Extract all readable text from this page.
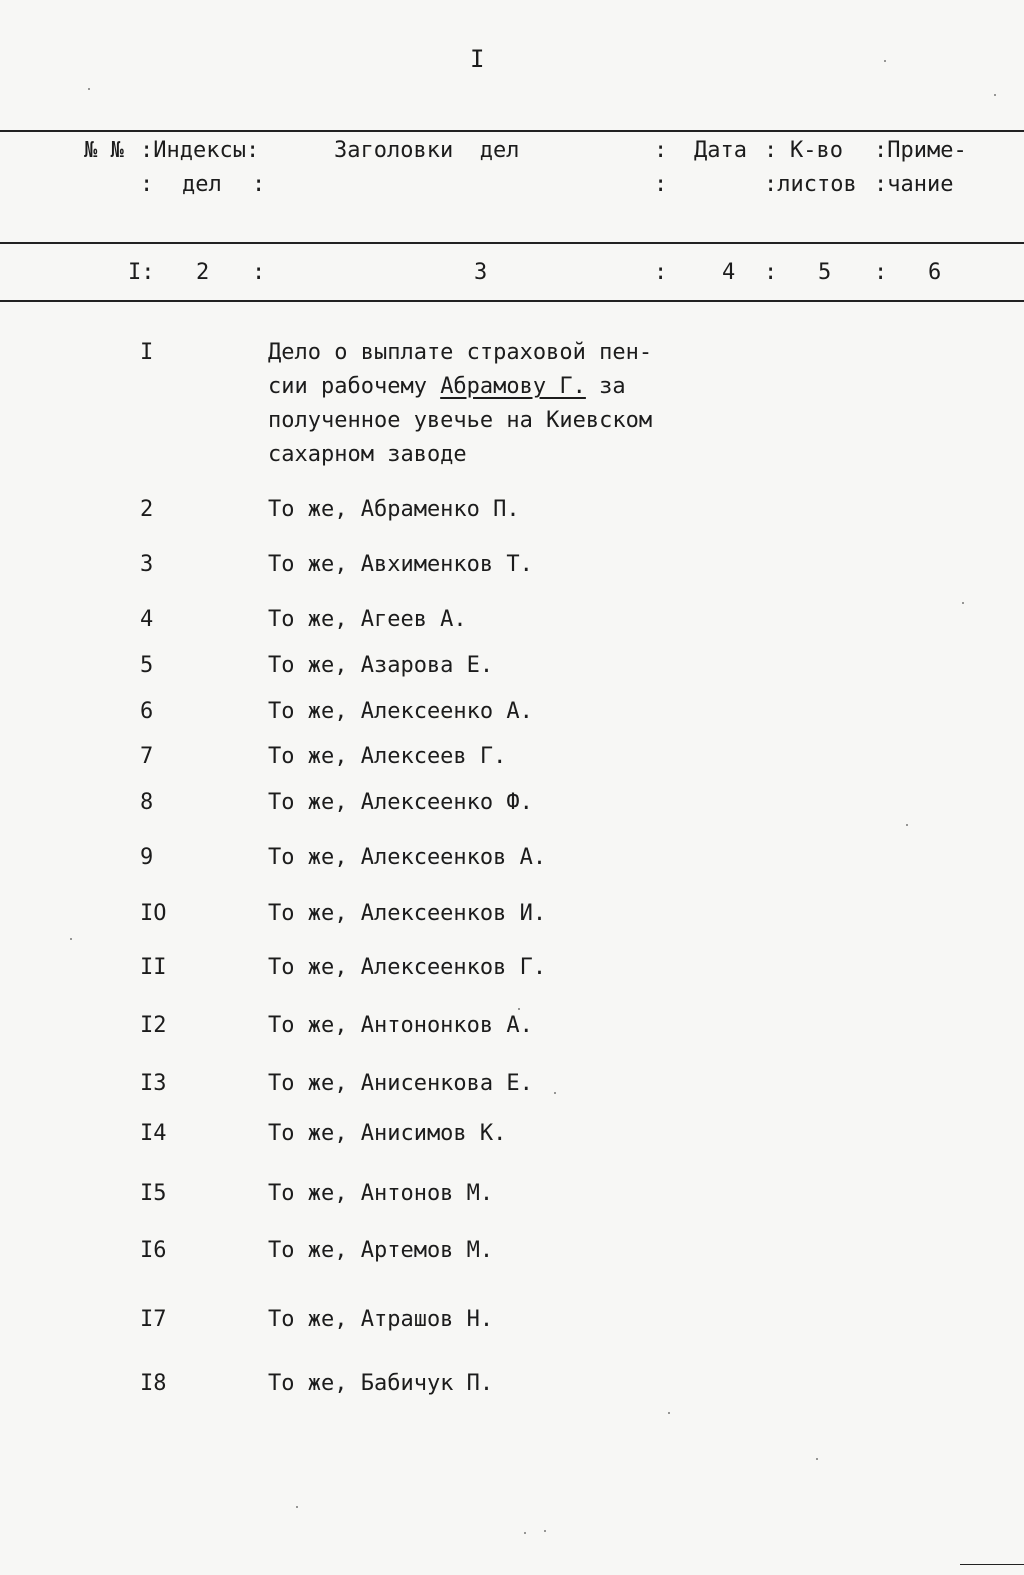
I
№ № :Индексы:	Заголовки  дел	: Дата : К-во :Приме-
: дел :	:	:листов :чание
I: 2 :	3	: 4 : 5 : 6
I	Дело о выплате страховой пен-
сии рабочему Абрамову Г. за
полученное увечье на Киевском
сахарном заводе
2	То же, Абраменко П.
3	То же, Авхименков Т.
4	То же, Агеев А.
5	То же, Азарова Е.
6	То же, Алексеенко А.
7	То же, Алексеев Г.
8	То же, Алексеенко Ф.
9	То же, Алексеенков А.
IO	То же, Алексеенков И.
II	То же, Алексеенков Г.
I2	То же, Антононков А.
I3	То же, Анисенкова Е.
I4	То же, Анисимов К.
I5	То же, Антонов М.
I6	То же, Артемов М.
I7	То же, Атрашов Н.
I8	То же, Бабичук П.
